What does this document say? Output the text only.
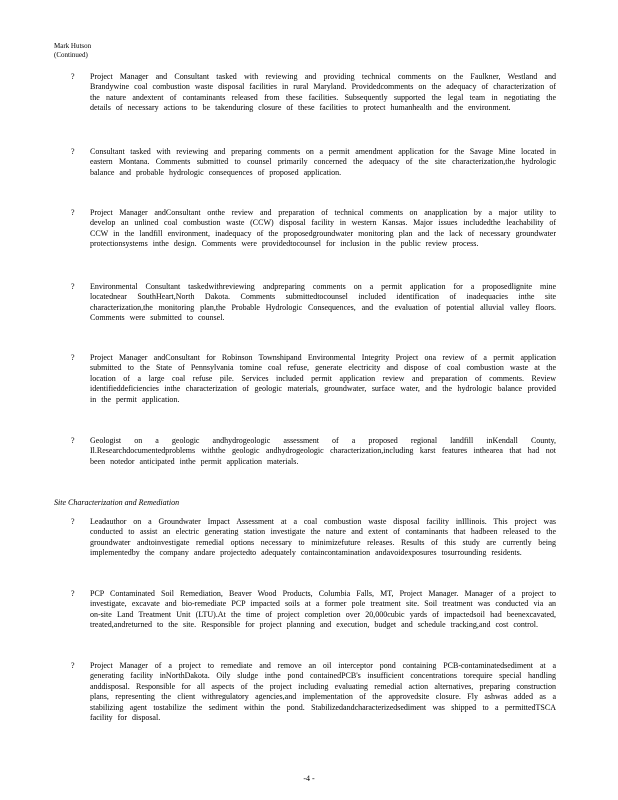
Mark Hutson
(Continued)
? Project Manager and Consultant tasked with reviewing and providing technical comments on the Faulkner, Westland and Brandywine coal combustion waste disposal facilities in rural Maryland. Providedcomments on the adequacy of characterization of the nature andextent of contaminants released from these facilities. Subsequently supported the legal team in negotiating the details of necessary actions to be takenduring closure of these facilities to protect humanhealth and the environment.
? Consultant tasked with reviewing and preparing comments on a permit amendment application for the Savage Mine located in eastern Montana. Comments submitted to counsel primarily concerned the adequacy of the site characterization,the hydrologic balance and probable hydrologic consequences of proposed application.
? Project Manager andConsultant onthe review and preparation of technical comments on anapplication by a major utility to develop an unlined coal combustion waste (CCW) disposal facility in western Kansas. Major issues includedthe leachability of CCW in the landfill environment, inadequacy of the proposedgroundwater monitoring plan and the lack of necessary groundwater protectionsystems inthe design. Comments were providedtocounsel for inclusion in the public review process.
? Environmental Consultant taskedwithreviewing andpreparing comments on a permit application for a proposedlignite mine locatednear SouthHeart,North Dakota. Comments submittedtocounsel included identification of inadequacies inthe site characterization,the monitoring plan,the Probable Hydrologic Consequences, and the evaluation of potential alluvial valley floors. Comments were submitted to counsel.
? Project Manager andConsultant for Robinson Townshipand Environmental Integrity Project ona review of a permit application submitted to the State of Pennsylvania tomine coal refuse, generate electricity and dispose of coal combustion waste at the location of a large coal refuse pile. Services included permit application review and preparation of comments. Review identifieddeficiencies inthe characterization of geologic materials, groundwater, surface water, and the hydrologic balance provided in the permit application.
? Geologist on a geologic andhydrogeologic assessment of a proposed regional landfill inKendall County, Il.Researchdocumentedproblems withthe geologic andhydrogeologic characterization,including karst features inthearea that had not been notedor anticipated inthe permit application materials.
Site Characterization and Remediation
? Leadauthor on a Groundwater Impact Assessment at a coal combustion waste disposal facility inIllinois. This project was conducted to assist an electric generating station investigate the nature and extent of contaminants that hadbeen released to the groundwater andtoinvestigate remedial options necessary to minimizefuture releases. Results of this study are currently being implementedby the company andare projectedto adequately containcontamination andavoidexposures tosurrounding residents.
? PCP Contaminated Soil Remediation, Beaver Wood Products, Columbia Falls, MT, Project Manager. Manager of a project to investigate, excavate and bio-remediate PCP impacted soils at a former pole treatment site. Soil treatment was conducted via an on-site Land Treatment Unit (LTU).At the time of project completion over 20,000cubic yards of impactedsoil had beenexcavated, treated,andreturned to the site. Responsible for project planning and execution, budget and schedule tracking,and cost control.
? Project Manager of a project to remediate and remove an oil interceptor pond containing PCB-contaminatedsediment at a generating facility inNorthDakota. Oily sludge inthe pond containedPCB's insufficient concentrations torequire special handling anddisposal. Responsible for all aspects of the project including evaluating remedial action alternatives, preparing construction plans, representing the client withregulatory agencies,and implementation of the approvedsite closure. Fly ashwas added as a stabilizing agent tostabilize the sediment within the pond. Stabilizedandcharacterizedsediment was shipped to a permittedTSCA facility for disposal.
-4 -
